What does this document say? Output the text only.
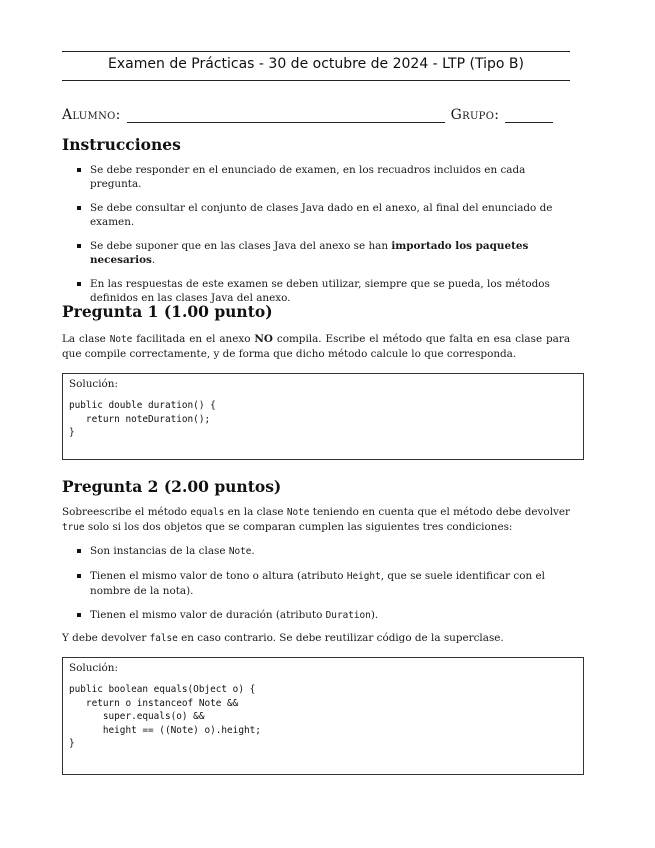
Examen de Prácticas - 30 de octubre de 2024 - LTP (Tipo B)
Alumno:	Grupo:
Instrucciones
Se debe responder en el enunciado de examen, en los recuadros incluidos en cada pregunta.
Se debe consultar el conjunto de clases Java dado en el anexo, al final del enunciado de examen.
Se debe suponer que en las clases Java del anexo se han importado los paquetes necesarios.
En las respuestas de este examen se deben utilizar, siempre que se pueda, los métodos definidos en las clases Java del anexo.
Pregunta 1 (1.00 punto)
La clase Note facilitada en el anexo NO compila. Escribe el método que falta en esa clase para que compile correctamente, y de forma que dicho método calcule lo que corresponda.
Solución:
public double duration() {
return noteDuration();
}
Pregunta 2 (2.00 puntos)
Sobreescribe el método equals en la clase Note teniendo en cuenta que el método debe devolver true solo si los dos objetos que se comparan cumplen las siguientes tres condiciones:
Son instancias de la clase Note.
Tienen el mismo valor de tono o altura (atributo Height, que se suele identificar con el nombre de la nota).
Tienen el mismo valor de duración (atributo Duration).
Y debe devolver false en caso contrario. Se debe reutilizar código de la superclase.
Solución:
public boolean equals(Object o) {
return o instanceof Note &&
super.equals(o) &&
height == ((Note) o).height;
}
